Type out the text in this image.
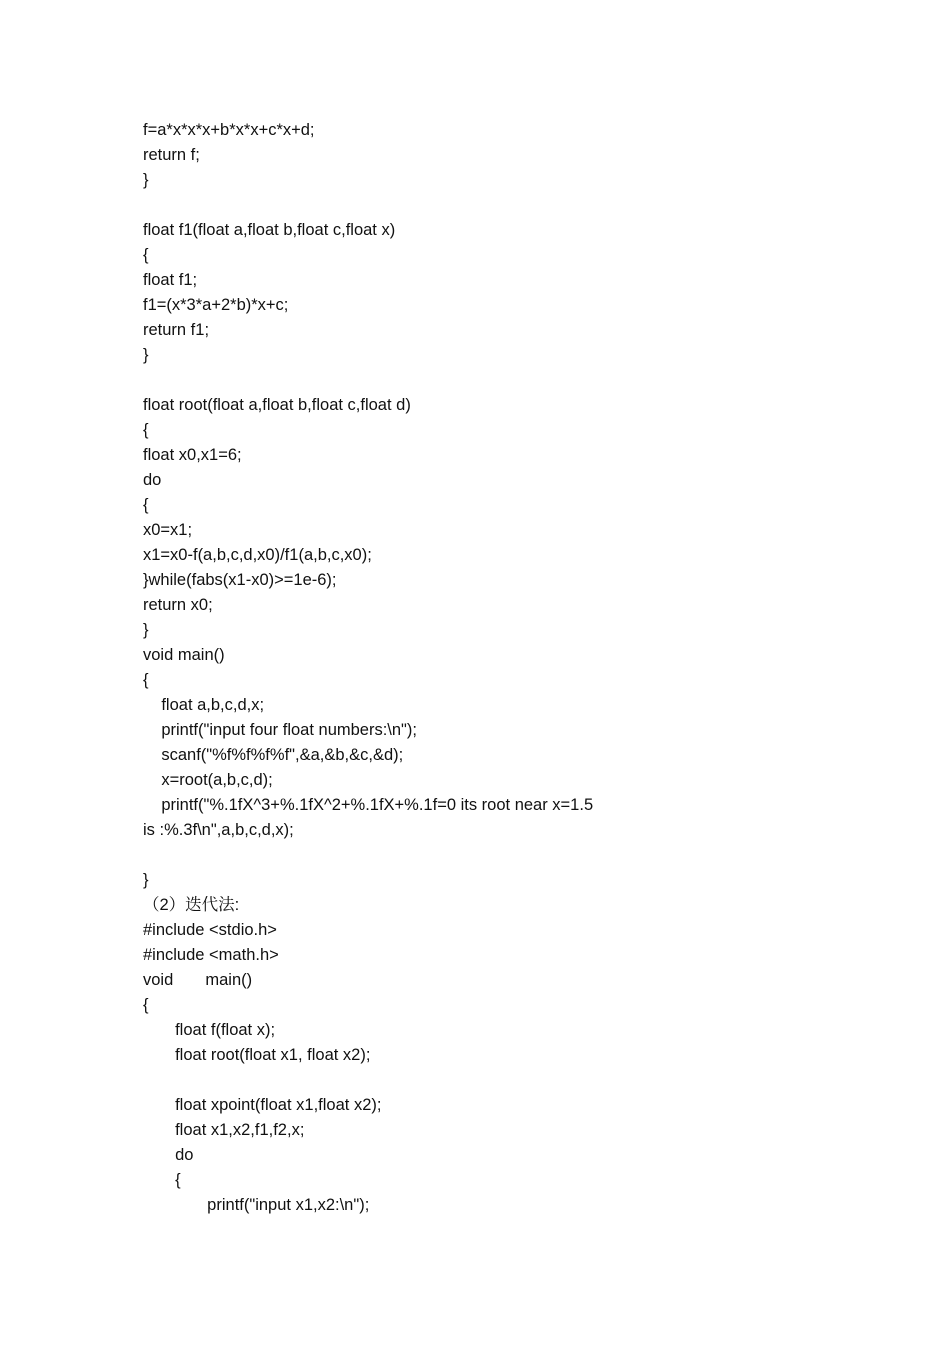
f=a*x*x*x+b*x*x+c*x+d;
return f;
}
float f1(float a,float b,float c,float x)
{
float f1;
f1=(x*3*a+2*b)*x+c;
return f1;
}
float root(float a,float b,float c,float d)
{
float x0,x1=6;
do
{
x0=x1;
x1=x0-f(a,b,c,d,x0)/f1(a,b,c,x0);
}while(fabs(x1-x0)>=1e-6);
return x0;
}
void main()
{
float a,b,c,d,x;
printf("input four float numbers:\n");
scanf("%f%f%f%f",&a,&b,&c,&d);
x=root(a,b,c,d);
printf("%.1fX^3+%.1fX^2+%.1fX+%.1f=0 its root near x=1.5
is :%.3f\n",a,b,c,d,x);
}
（2）迭代法:
#include <stdio.h>
#include <math.h>
void       main()
{
float f(float x);
float root(float x1, float x2);
float xpoint(float x1,float x2);
float x1,x2,f1,f2,x;
do
{
printf("input x1,x2:\n");
